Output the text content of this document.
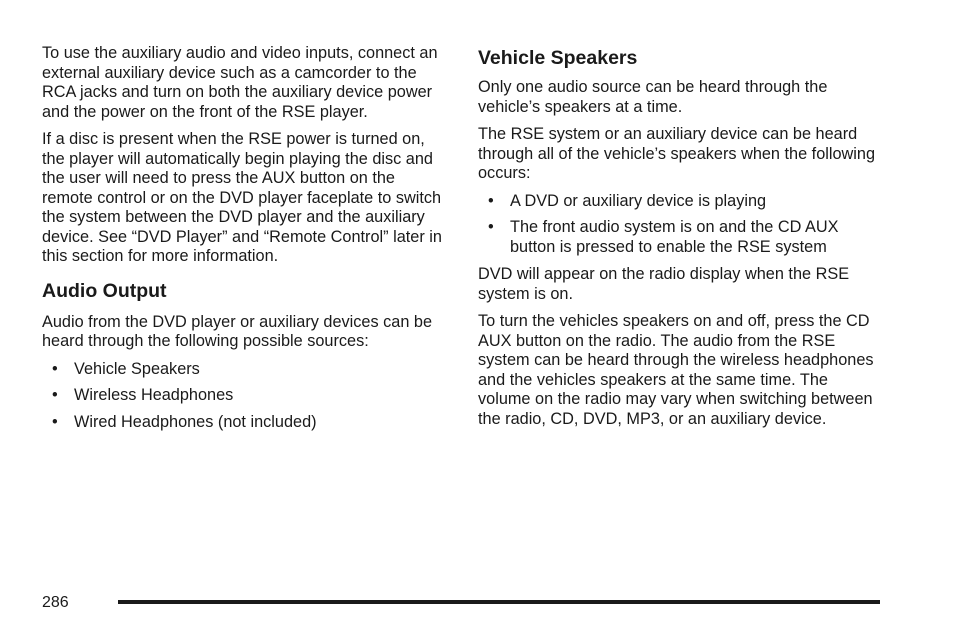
To use the auxiliary audio and video inputs, connect an external auxiliary device such as a camcorder to the RCA jacks and turn on both the auxiliary device power and the power on the front of the RSE player.

If a disc is present when the RSE power is turned on, the player will automatically begin playing the disc and the user will need to press the AUX button on the remote control or on the DVD player faceplate to switch the system between the DVD player and the auxiliary device. See “DVD Player” and “Remote Control” later in this section for more information.

Audio Output

Audio from the DVD player or auxiliary devices can be heard through the following possible sources:

• Vehicle Speakers
• Wireless Headphones
• Wired Headphones (not included)
Vehicle Speakers

Only one audio source can be heard through the vehicle’s speakers at a time.

The RSE system or an auxiliary device can be heard through all of the vehicle’s speakers when the following occurs:

• A DVD or auxiliary device is playing
• The front audio system is on and the CD AUX button is pressed to enable the RSE system

DVD will appear on the radio display when the RSE system is on.

To turn the vehicles speakers on and off, press the CD AUX button on the radio. The audio from the RSE system can be heard through the wireless headphones and the vehicles speakers at the same time. The volume on the radio may vary when switching between the radio, CD, DVD, MP3, or an auxiliary device.

286
